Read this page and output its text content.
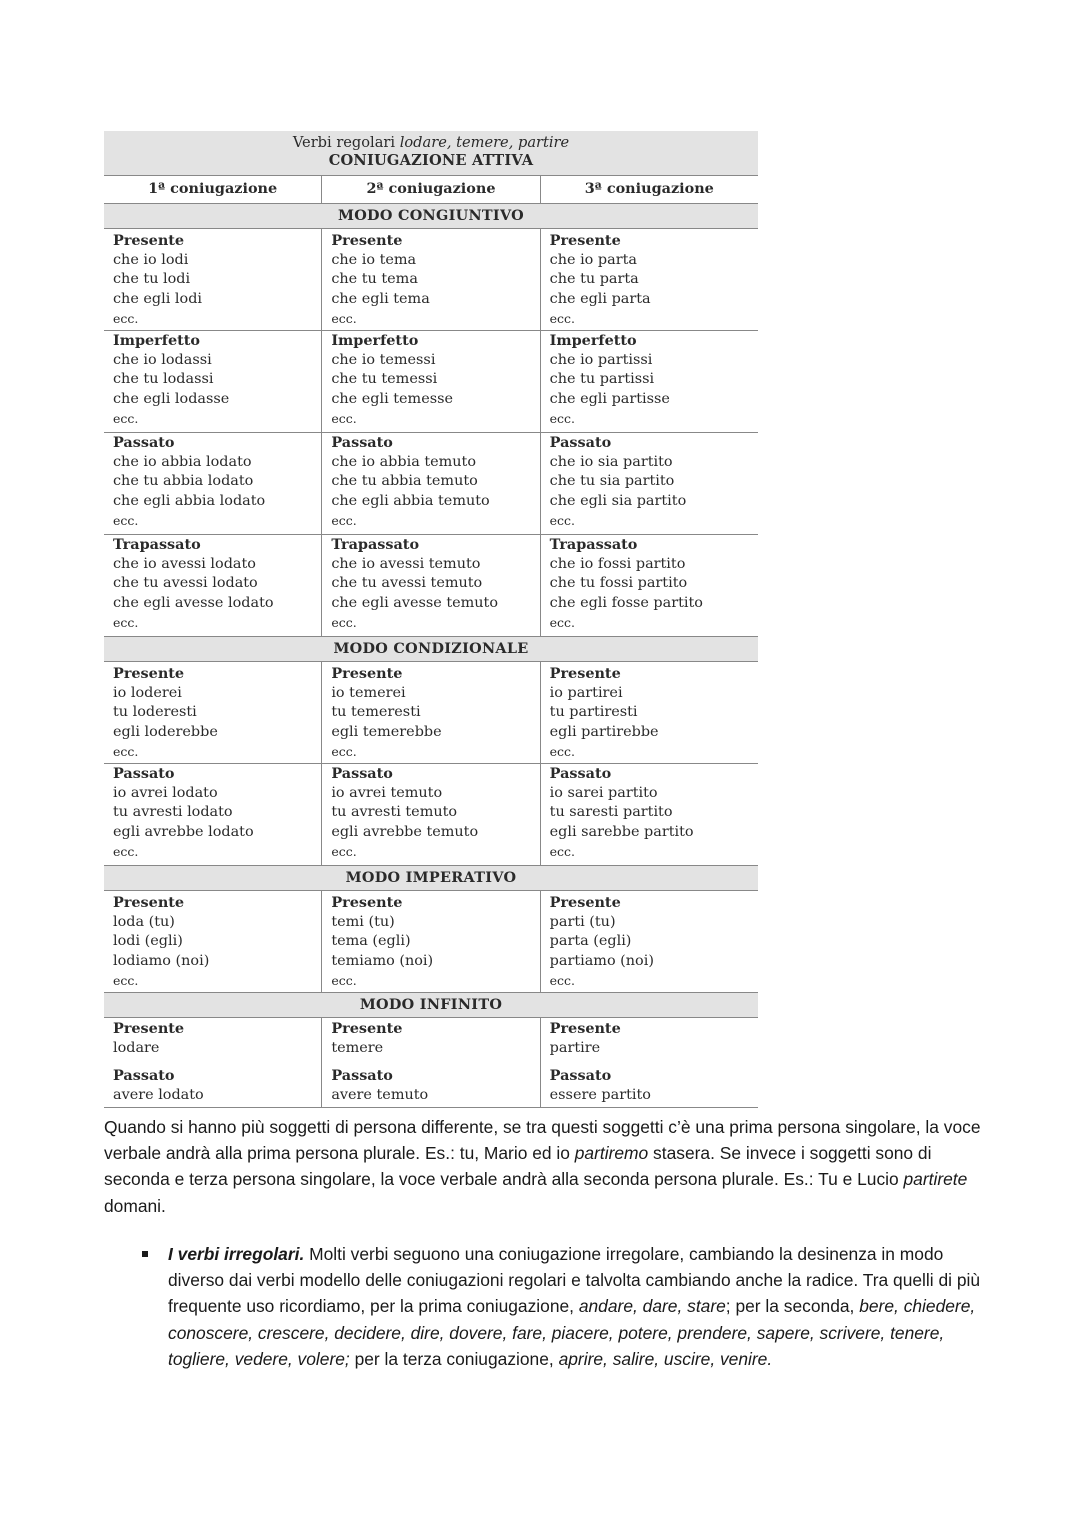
Verbi regolari lodare, temere, partire
CONIUGAZIONE ATTIVA
1ª coniugazione	2ª coniugazione	3ª coniugazione
MODO CONGIUNTIVO
Presente
che io lodi
che tu lodi
che egli lodi
ecc.
Presente
che io tema
che tu tema
che egli tema
ecc.
Presente
che io parta
che tu parta
che egli parta
ecc.
Imperfetto
che io lodassi
che tu lodassi
che egli lodasse
ecc.
Imperfetto
che io temessi
che tu temessi
che egli temesse
ecc.
Imperfetto
che io partissi
che tu partissi
che egli partisse
ecc.
Passato
che io abbia lodato
che tu abbia lodato
che egli abbia lodato
ecc.
Passato
che io abbia temuto
che tu abbia temuto
che egli abbia temuto
ecc.
Passato
che io sia partito
che tu sia partito
che egli sia partito
ecc.
Trapassato
che io avessi lodato
che tu avessi lodato
che egli avesse lodato
ecc.
Trapassato
che io avessi temuto
che tu avessi temuto
che egli avesse temuto
ecc.
Trapassato
che io fossi partito
che tu fossi partito
che egli fosse partito
ecc.
MODO CONDIZIONALE
Presente
io loderei
tu loderesti
egli loderebbe
ecc.
Presente
io temerei
tu temeresti
egli temerebbe
ecc.
Presente
io partirei
tu partiresti
egli partirebbe
ecc.
Passato
io avrei lodato
tu avresti lodato
egli avrebbe lodato
ecc.
Passato
io avrei temuto
tu avresti temuto
egli avrebbe temuto
ecc.
Passato
io sarei partito
tu saresti partito
egli sarebbe partito
ecc.
MODO IMPERATIVO
Presente
loda (tu)
lodi (egli)
lodiamo (noi)
ecc.
Presente
temi (tu)
tema (egli)
temiamo (noi)
ecc.
Presente
parti (tu)
parta (egli)
partiamo (noi)
ecc.
MODO INFINITO
Presente
lodare
Passato
avere lodato
Presente
temere
Passato
avere temuto
Presente
partire
Passato
essere partito
Quando si hanno più soggetti di persona differente, se tra questi soggetti c’è una prima persona singolare, la voce verbale andrà alla prima persona plurale. Es.: tu, Mario ed io partiremo stasera. Se invece i soggetti sono di seconda e terza persona singolare, la voce verbale andrà alla seconda persona plurale. Es.: Tu e Lucio partirete domani.
I verbi irregolari. Molti verbi seguono una coniugazione irregolare, cambiando la desinenza in modo diverso dai verbi modello delle coniugazioni regolari e talvolta cambiando anche la radice. Tra quelli di più frequente uso ricordiamo, per la prima coniugazione, andare, dare, stare; per la seconda, bere, chiedere, conoscere, crescere, decidere, dire, dovere, fare, piacere, potere, prendere, sapere, scrivere, tenere, togliere, vedere, volere; per la terza coniugazione, aprire, salire, uscire, venire.
